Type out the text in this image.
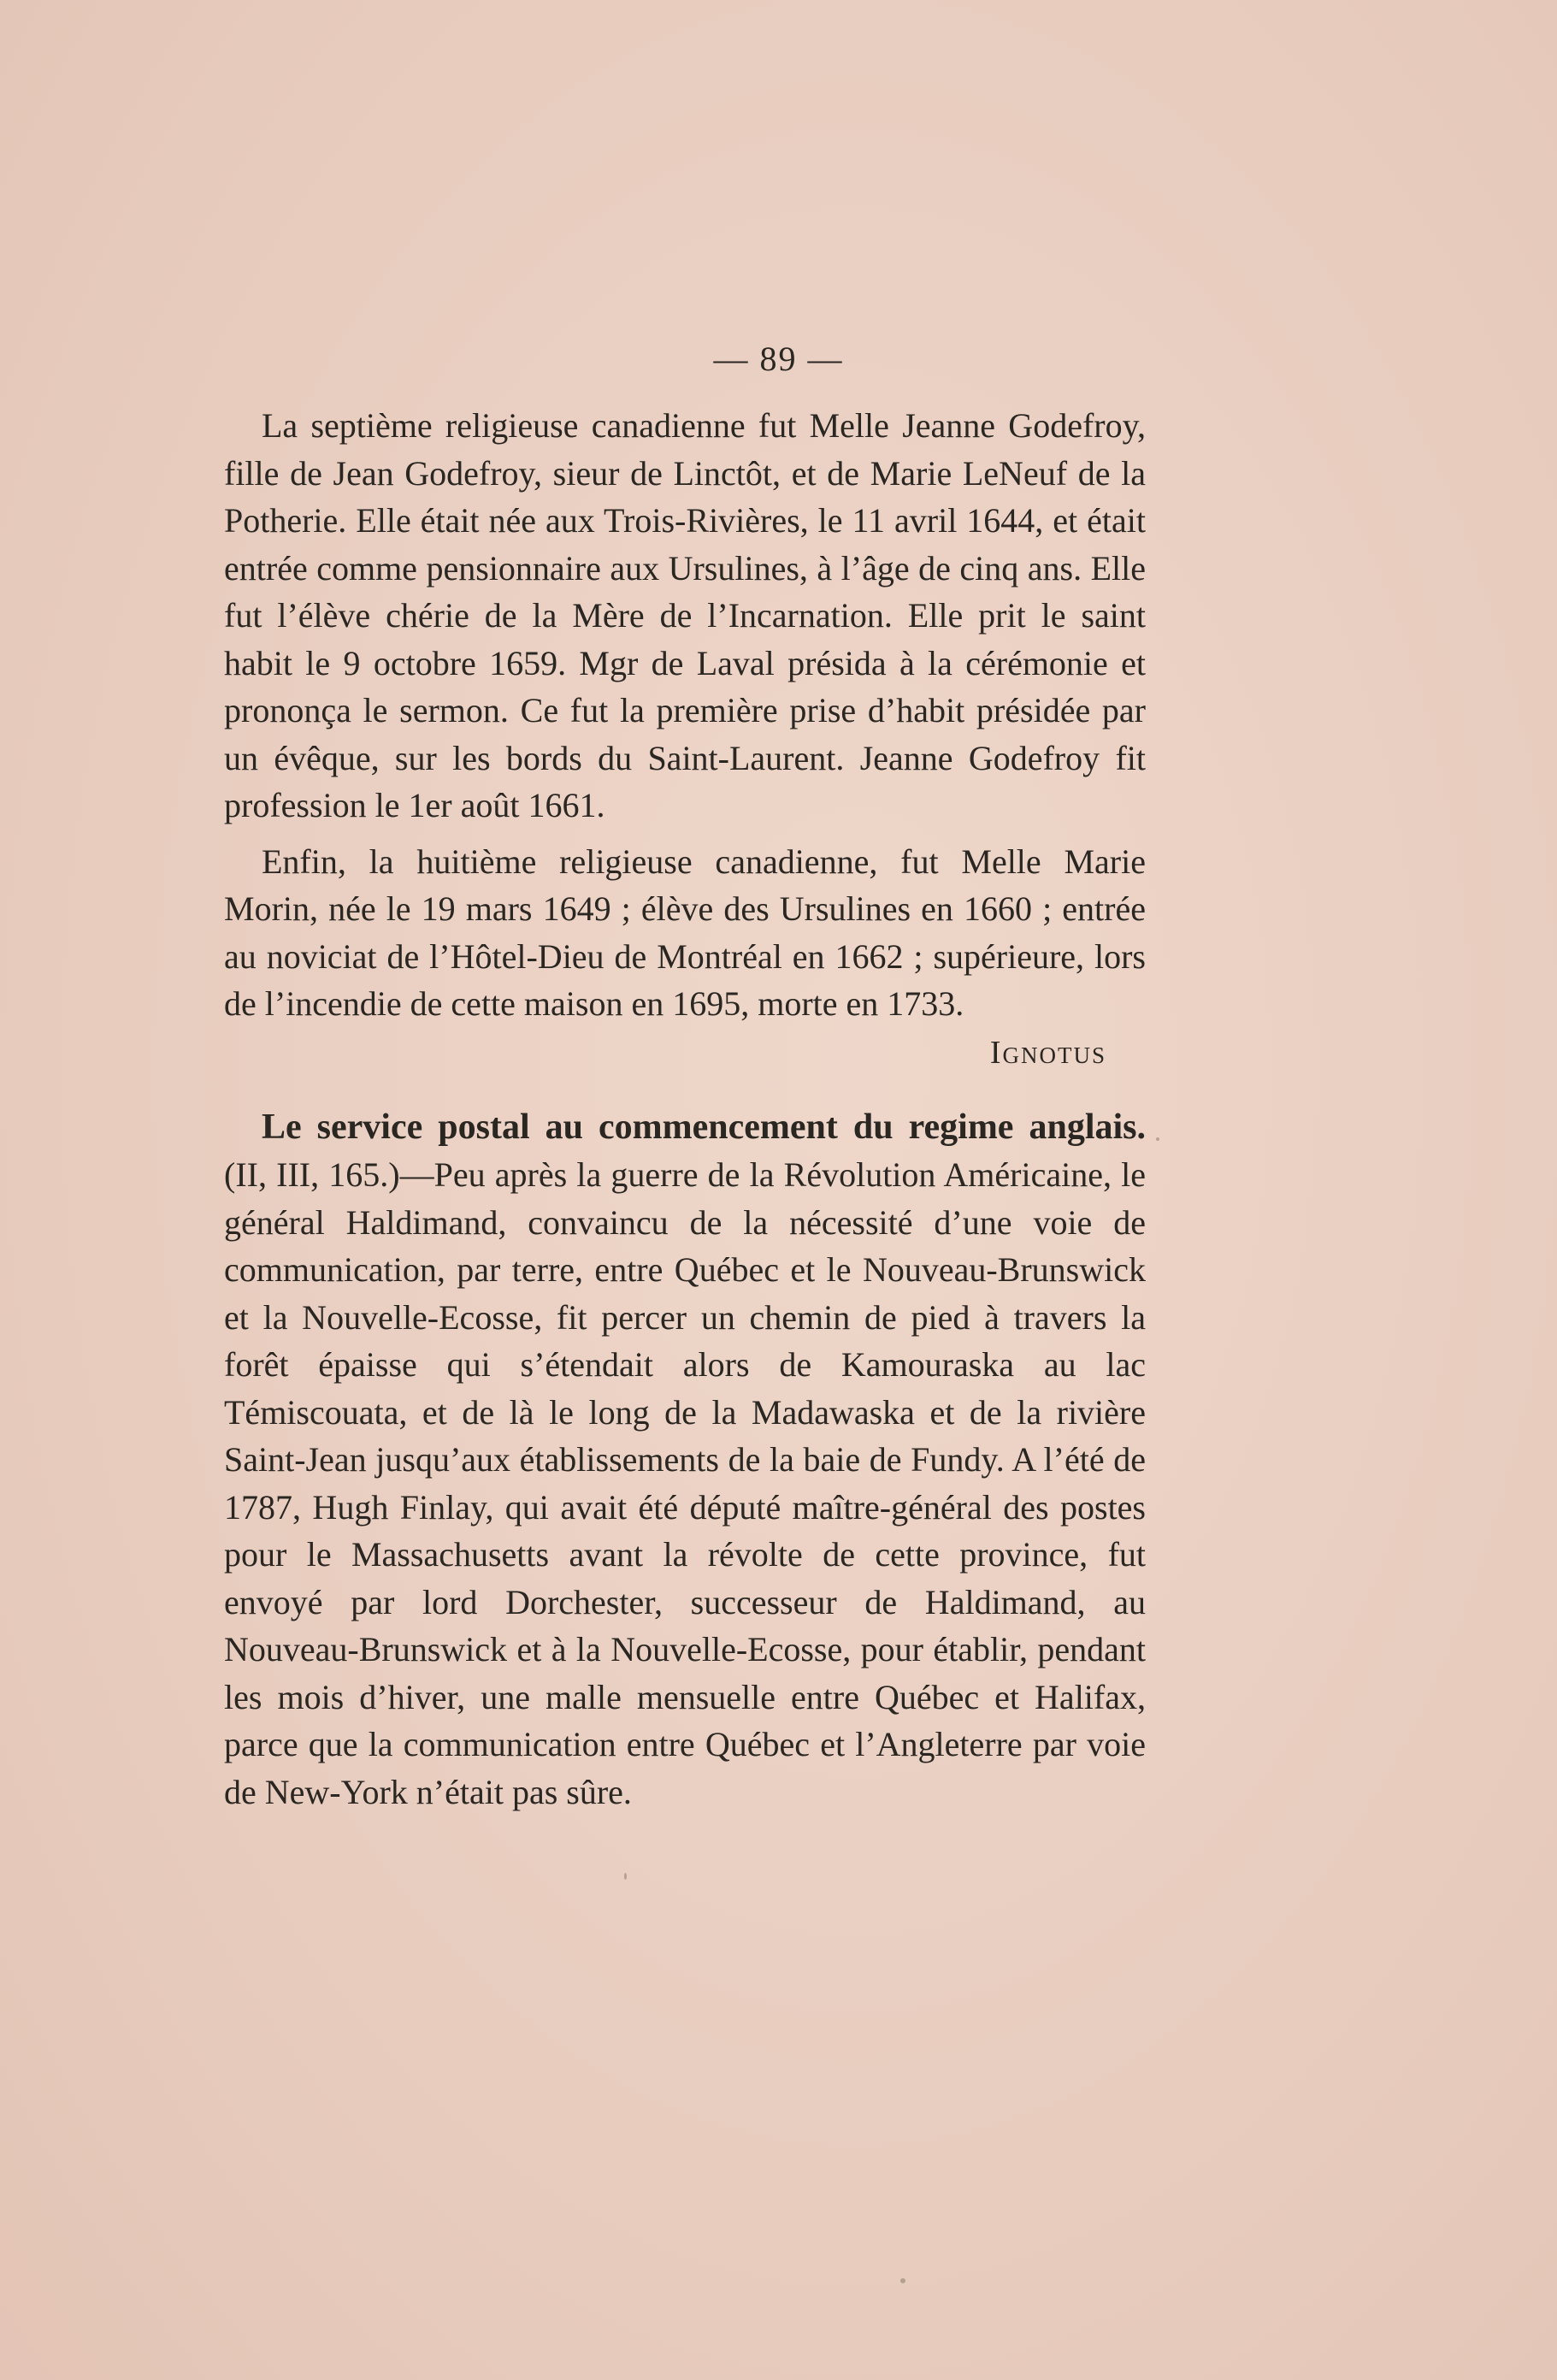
— 89 —

La septième religieuse canadienne fut Melle Jeanne Godefroy, fille de Jean Godefroy, sieur de Linctôt, et de Marie LeNeuf de la Potherie. Elle était née aux Trois-Rivières, le 11 avril 1644, et était entrée comme pensionnaire aux Ursulines, à l’âge de cinq ans. Elle fut l’élève chérie de la Mère de l’Incarnation. Elle prit le saint habit le 9 octobre 1659. Mgr de Laval présida à la cérémonie et prononça le sermon. Ce fut la première prise d’habit présidée par un évêque, sur les bords du Saint-Laurent. Jeanne Godefroy fit profession le 1er août 1661.

Enfin, la huitième religieuse canadienne, fut Melle Marie Morin, née le 19 mars 1649 ; élève des Ursulines en 1660 ; entrée au noviciat de l’Hôtel-Dieu de Montréal en 1662 ; supérieure, lors de l’incendie de cette maison en 1695, morte en 1733.

Ignotus

Le service postal au commencement du regime anglais. (II, III, 165.)—Peu après la guerre de la Révolution Américaine, le général Haldimand, convaincu de la nécessité d’une voie de communication, par terre, entre Québec et le Nouveau-Brunswick et la Nouvelle-Ecosse, fit percer un chemin de pied à travers la forêt épaisse qui s’étendait alors de Kamouraska au lac Témiscouata, et de là le long de la Madawaska et de la rivière Saint-Jean jusqu’aux établissements de la baie de Fundy. A l’été de 1787, Hugh Finlay, qui avait été député maître-général des postes pour le Massachusetts avant la révolte de cette province, fut envoyé par lord Dorchester, successeur de Haldimand, au Nouveau-Brunswick et à la Nouvelle-Ecosse, pour établir, pendant les mois d’hiver, une malle mensuelle entre Québec et Halifax, parce que la communication entre Québec et l’Angleterre par voie de New-York n’était pas sûre.
